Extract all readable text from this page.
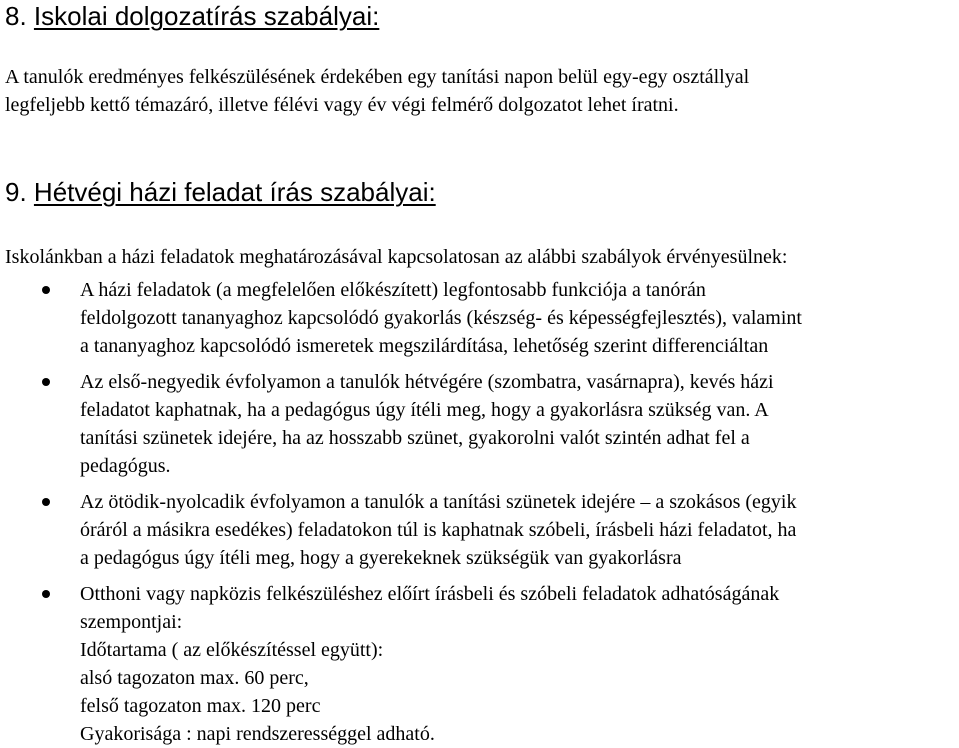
8. Iskolai dolgozatírás szabályai:

A tanulók eredményes felkészülésének érdekében egy tanítási napon belül egy-egy osztállyal
legfeljebb kettő témazáró, illetve félévi vagy év végi felmérő dolgozatot lehet íratni.

9. Hétvégi házi feladat írás szabályai:

Iskolánkban a házi feladatok meghatározásával kapcsolatosan az alábbi szabályok érvényesülnek:

A házi feladatok (a megfelelően előkészített) legfontosabb funkciója a tanórán
feldolgozott tananyaghoz kapcsolódó gyakorlás (készség- és képességfejlesztés), valamint
a tananyaghoz kapcsolódó ismeretek megszilárdítása, lehetőség szerint differenciáltan
Az első-negyedik évfolyamon a tanulók hétvégére (szombatra, vasárnapra), kevés házi
feladatot kaphatnak, ha a pedagógus úgy ítéli meg, hogy a gyakorlásra szükség van. A
tanítási szünetek idejére, ha az hosszabb szünet, gyakorolni valót szintén adhat fel a
pedagógus.
Az ötödik-nyolcadik évfolyamon a tanulók a tanítási szünetek idejére – a szokásos (egyik
óráról a másikra esedékes) feladatokon túl is kaphatnak szóbeli, írásbeli házi feladatot, ha
a pedagógus úgy ítéli meg, hogy a gyerekeknek szükségük van gyakorlásra
Otthoni vagy napközis felkészüléshez előírt írásbeli és szóbeli feladatok adhatóságának
szempontjai:
Időtartama ( az előkészítéssel együtt):
alsó tagozaton max. 60 perc,
felső tagozaton max. 120 perc
Gyakorisága : napi rendszerességgel adható.
